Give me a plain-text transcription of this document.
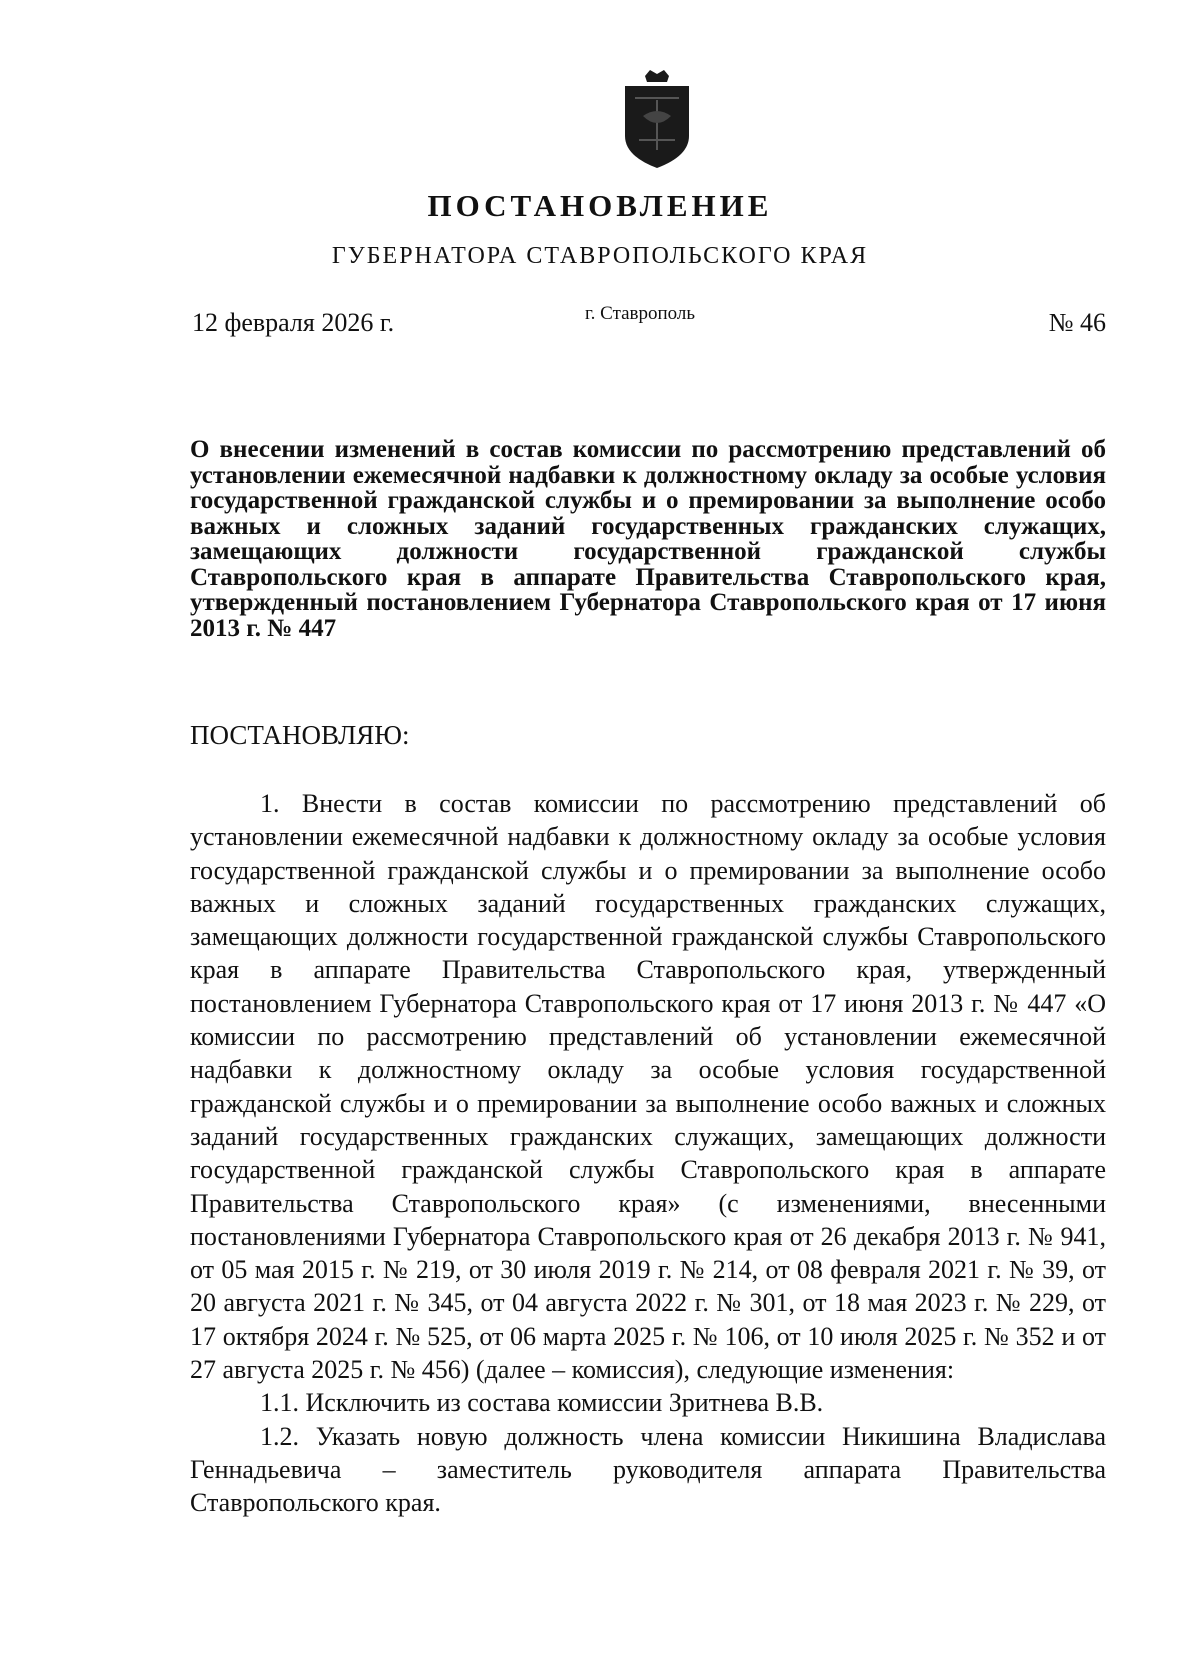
ПОСТАНОВЛЕНИЕ
ГУБЕРНАТОРА СТАВРОПОЛЬСКОГО КРАЯ
12 февраля 2026 г.	г. Ставрополь	№ 46
О внесении изменений в состав комиссии по рассмотрению представлений об установлении ежемесячной надбавки к должностному окладу за особые условия государственной гражданской службы и о премировании за выполнение особо важных и сложных заданий государственных гражданских служащих, замещающих должности государственной гражданской службы Ставропольского края в аппарате Правительства Ставропольского края, утвержденный постановлением Губернатора Ставропольского края от 17 июня 2013 г. № 447
ПОСТАНОВЛЯЮ:

1. Внести в состав комиссии по рассмотрению представлений об установлении ежемесячной надбавки к должностному окладу за особые условия государственной гражданской службы и о премировании за выполнение особо важных и сложных заданий государственных гражданских служащих, замещающих должности государственной гражданской службы Ставропольского края в аппарате Правительства Ставропольского края, утвержденный постановлением Губернатора Ставропольского края от 17 июня 2013 г. № 447 «О комиссии по рассмотрению представлений об установлении ежемесячной надбавки к должностному окладу за особые условия государственной гражданской службы и о премировании за выполнение особо важных и сложных заданий государственных гражданских служащих, замещающих должности государственной гражданской службы Ставропольского края в аппарате Правительства Ставропольского края» (с изменениями, внесенными постановлениями Губернатора Ставропольского края от 26 декабря 2013 г. № 941, от 05 мая 2015 г. № 219, от 30 июля 2019 г. № 214, от 08 февраля 2021 г. № 39, от 20 августа 2021 г. № 345, от 04 августа 2022 г. № 301, от 18 мая 2023 г. № 229, от 17 октября 2024 г. № 525, от 06 марта 2025 г. № 106, от 10 июля 2025 г. № 352 и от 27 августа 2025 г. № 456) (далее – комиссия), следующие изменения:

1.1. Исключить из состава комиссии Зритнева В.В.

1.2. Указать новую должность члена комиссии Никишина Владислава Геннадьевича – заместитель руководителя аппарата Правительства Ставропольского края.
